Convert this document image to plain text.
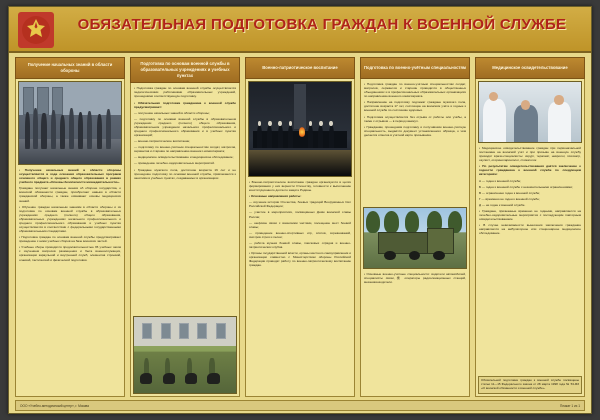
ОБЯЗАТЕЛЬНАЯ ПОДГОТОВКА ГРАЖДАН К ВОЕННОЙ СЛУЖБЕ
Получение начальных знаний в области обороны

• Получение начальных знаний в области обороны осуществляется в ходе освоения образовательных программ основного общего и среднего общего образования в рамках учебного предмета «Основы безопасности жизнедеятельности».

Граждане получают начальные знания об обороне государства, о воинской обязанности граждан, приобретают навыки в области гражданской обороны, а также осваивают основы медицинских знаний.

• Обучение граждан начальным знаниям в области обороны и их подготовка по основам военной службы в образовательных учреждениях среднего (полного) общего образования, образовательных учреждениях начального профессионального и среднего профессионального образования и учебных пунктах осуществляются в соответствии с федеральными государственными образовательными стандартами.

• Подготовка граждан по основам военной службы предусматривает проведение с ними учебных сборов на базе воинских частей.

• Учебные сборы проводятся продолжительностью 35 учебных часов с изучением вопросов размещения и быта военнослужащих, организации караульной и внутренней служб, элементов строевой, огневой, тактической и физической подготовки.

Подготовка по основам военной службы в образовательных учреждениях и учебных пунктах

• Подготовка граждан по основам военной службы осуществляется педагогическими работниками образовательных учреждений, прошедшими соответствующую подготовку.

• Обязательная подготовка гражданина к военной службе предусматривает:

— получение начальных знаний в области обороны;

— подготовку по основам военной службы в образовательном учреждении среднего (полного) общего образования, образовательном учреждении начального профессионального и среднего профессионального образования и в учебных пунктах организаций;

— военно-патриотическое воспитание;

— подготовку по военно-учётным специальностям солдат, матросов, сержантов и старшин по направлению военного комиссариата;

— медицинское освидетельствование и медицинское обследование;

— проведение лечебно-оздоровительных мероприятий.

• Граждане мужского пола, достигшие возраста 16 лет и не прошедшие подготовку по основам военной службы, привлекаются к занятиям в учебных пунктах, создаваемых в организациях.

Военно-патриотическое воспитание

• Военно-патриотическое воспитание граждан организуется в целях формирования у них верности Отечеству, готовности к выполнению конституционного долга по защите Родины.

• Основные направления работы:

— изучение истории Отечества, боевых традиций Вооружённых Сил Российской Федерации;

— участие в мероприятиях, посвящённых Дням воинской славы России;

— шефские связи с воинскими частями, посещение мест боевой славы;

— проведение военно-спортивных игр, слётов, соревнований, смотров строя и песни;

— работа музеев боевой славы, поисковых отрядов и военно-патриотических клубов.

• Органы государственной власти, органы местного самоуправления и организации совместно с Министерством обороны Российской Федерации проводят работу по военно-патриотическому воспитанию граждан.

Подготовка по военно-учётным специальностям

• Подготовка граждан по военно-учётным специальностям солдат, матросов, сержантов и старшин проводится в общественных объединениях и в профессиональных образовательных организациях по направлению военного комиссариата.

• Направлению на подготовку подлежат граждане мужского пола, достигшие возраста 17 лет, состоящие на воинском учёте и годные к военной службе по состоянию здоровья.

• Подготовка осуществляется без отрыва от работы или учёбы, а также с отрывом — в период каникул.

• Гражданам, прошедшим подготовку и получившим военно-учётную специальность, выдаётся документ установленного образца, о чём делается отметка в учётной карте призывника.

• Основные военно-учётные специальности: водители автомобилей, специалисты связи,操 операторы радиолокационных станций, механики-водители.

Медицинское освидетельствование

• Медицинское освидетельствование граждан при первоначальной постановке на воинский учёт и при призыве на военную службу проводят врачи-специалисты: хирург, терапевт, невролог, психиатр, окулист, оториноларинголог, стоматолог.

• По результатам освидетельствования даётся заключение о годности гражданина к военной службе по следующим категориям:

А — годен к военной службе;

Б — годен к военной службе с незначительными ограничениями;

В — ограниченно годен к военной службе;

Г — временно не годен к военной службе;

Д — не годен к военной службе.

• Граждане, признанные временно не годными, направляются на лечебно-оздоровительные мероприятия с последующим повторным освидетельствованием.

• В случае невозможности вынесения заключения гражданин направляется на амбулаторное или стационарное медицинское обследование.

Обязательной подготовке граждан к военной службе посвящены статьи 11—15 Федерального закона от 28 марта 1998 года № 53-ФЗ «О воинской обязанности и военной службе».
ООО «Учебно-методический центр», г. Москва	Плакат 1 из 1
